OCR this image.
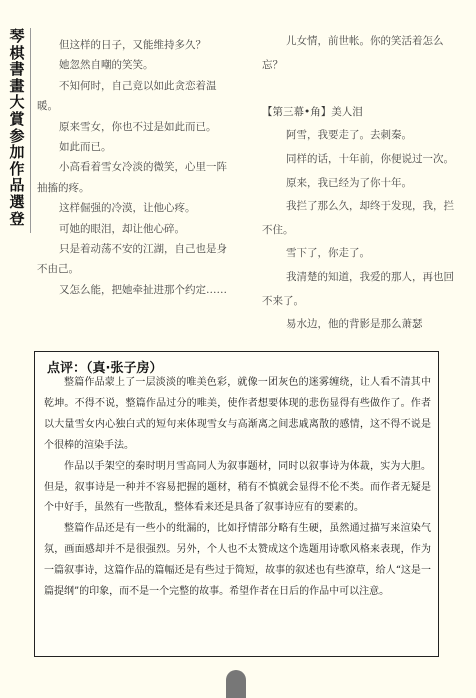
琴棋書畫大賞参加作品選登

但这样的日子，又能维持多久？

她忽然自嘲的笑笑。

不知何时，自己竟以如此贪恋着温暖。

原来雪女，你也不过是如此而已。

如此而已。

小高看着雪女冷淡的微笑，心里一阵抽搐的疼。

这样倔强的冷漠，让他心疼。

可她的眼泪，却让他心碎。

只是着动荡不安的江湖，自己也是身不由己。

又怎么能，把她牵扯进那个约定……

儿女情，前世帐。你的笑活着怎么忘？

【第三幕•角】美人泪

阿雪，我要走了。去刺秦。

同样的话，十年前，你便说过一次。

原来，我已经为了你十年。

我拦了那么久，却终于发现，我，拦不住。

雪下了，你走了。

我清楚的知道，我爱的那人，再也回不来了。

易水边，他的背影是那么萧瑟

点评：（真·张子房）

整篇作品蒙上了一层淡淡的唯美色彩，就像一团灰色的迷雾缠绕，让人看不清其中乾坤。不得不说，整篇作品过分的唯美，使作者想要体现的悲伤显得有些做作了。作者以大量雪女内心独白式的短句来体现雪女与高渐离之间悲戚离散的感情，这不得不说是个很棒的渲染手法。

作品以手架空的秦时明月雪高同人为叙事题材，同时以叙事诗为体裁，实为大胆。但是，叙事诗是一种并不容易把握的题材，稍有不慎就会显得不伦不类。而作者无疑是个中好手，虽然有一些散乱，整体看来还是具备了叙事诗应有的要素的。

整篇作品还是有一些小的纰漏的，比如抒情部分略有生硬，虽然通过描写来渲染气氛，画面感却并不是很强烈。另外，个人也不太赞成这个选题用诗歌风格来表现，作为一篇叙事诗，这篇作品的篇幅还是有些过于简短，故事的叙述也有些潦草，给人“这是一篇提纲”的印象，而不是一个完整的故事。希望作者在日后的作品中可以注意。
